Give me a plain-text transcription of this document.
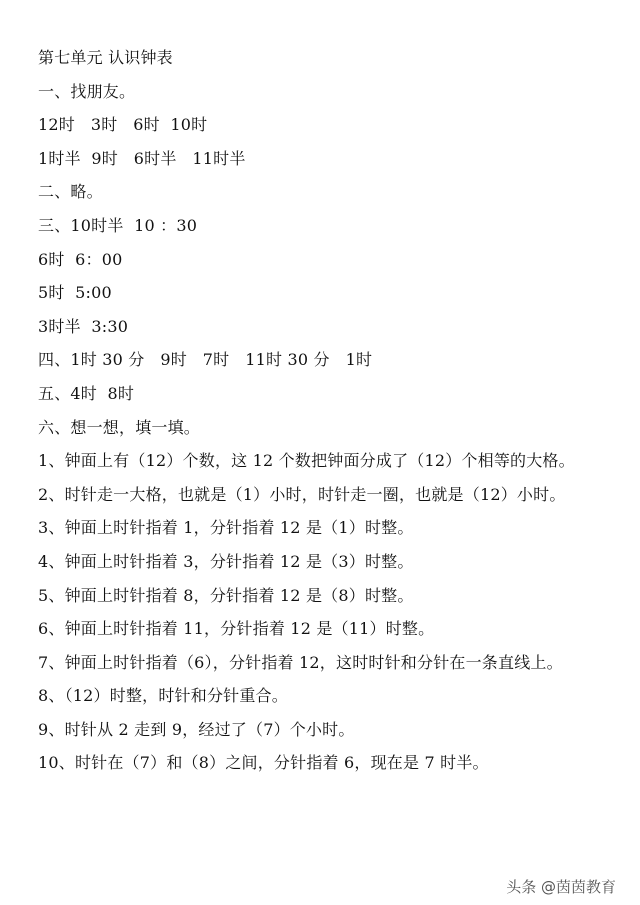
第七单元 认识钟表
一、找朋友。
12时   3时   6时  10时
1时半  9时   6时半   11时半
二、略。
三、10时半  10 ：30
6时  6：00
5时  5:00
3时半  3:30
四、1时 30 分   9时   7时   11时 30 分   1时
五、4时  8时
六、想一想，填一填。
1、钟面上有（12）个数，这 12 个数把钟面分成了（12）个相等的大格。
2、时针走一大格，也就是（1）小时，时针走一圈，也就是（12）小时。
3、钟面上时针指着 1，分针指着 12 是（1）时整。
4、钟面上时针指着 3，分针指着 12 是（3）时整。
5、钟面上时针指着 8，分针指着 12 是（8）时整。
6、钟面上时针指着 11，分针指着 12 是（11）时整。
7、钟面上时针指着（6），分针指着 12，这时时针和分针在一条直线上。
8、（12）时整，时针和分针重合。
9、时针从 2 走到 9，经过了（7）个小时。
10、时针在（7）和（8）之间，分针指着 6，现在是 7 时半。
头条 @茵茵教育
